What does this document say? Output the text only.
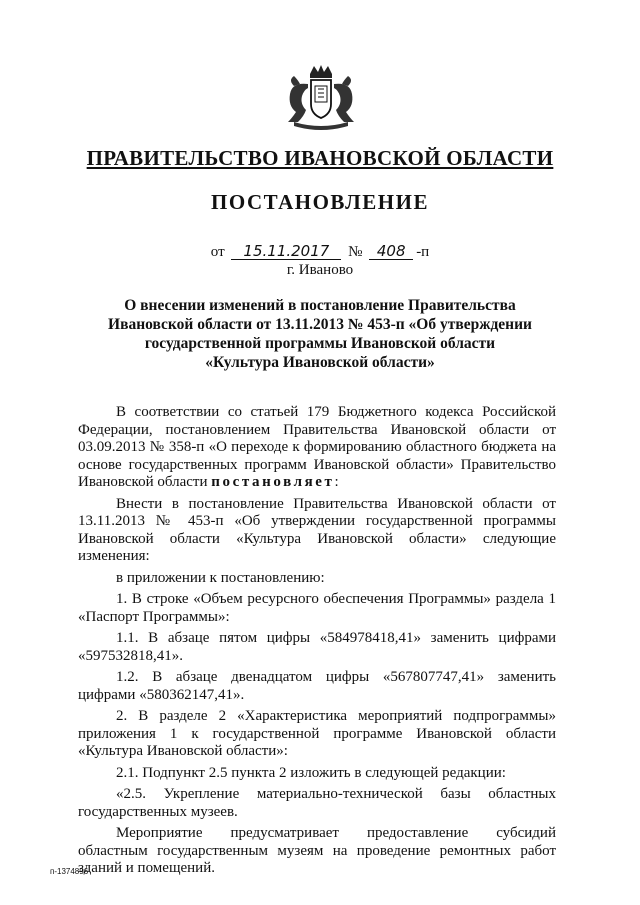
ПРАВИТЕЛЬСТВО ИВАНОВСКОЙ ОБЛАСТИ
ПОСТАНОВЛЕНИЕ
от 15.11.2017 № 408 -п
г. Иваново
О внесении изменений в постановление Правительства
Ивановской области от 13.11.2013 № 453-п «Об утверждении
государственной программы Ивановской области
«Культура Ивановской области»

В соответствии со статьей 179 Бюджетного кодекса Российской Федерации, постановлением Правительства Ивановской области от 03.09.2013 № 358-п «О переходе к формированию областного бюджета на основе государственных программ Ивановской области» Правительство Ивановской области постановляет:

Внести в постановление Правительства Ивановской области от 13.11.2013 № 453-п «Об утверждении государственной программы Ивановской области «Культура Ивановской области» следующие изменения:

в приложении к постановлению:

1. В строке «Объем ресурсного обеспечения Программы» раздела 1 «Паспорт Программы»:

1.1. В абзаце пятом цифры «584978418,41» заменить цифрами «597532818,41».

1.2. В абзаце двенадцатом цифры «567807747,41» заменить цифрами «580362147,41».

2. В разделе 2 «Характеристика мероприятий подпрограммы» приложения 1 к государственной программе Ивановской области «Культура Ивановской области»:

2.1. Подпункт 2.5 пункта 2 изложить в следующей редакции:

«2.5. Укрепление материально-технической базы областных государственных музеев.

Мероприятие предусматривает предоставление субсидий областным государственным музеям на проведение ремонтных работ зданий и помещений.

п-1374896
